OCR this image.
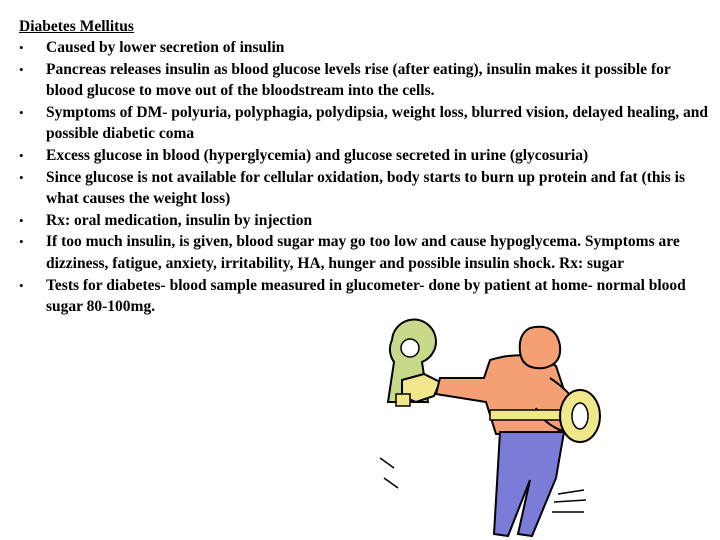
Diabetes Mellitus
•	Caused by lower secretion of insulin
•	Pancreas releases insulin as blood glucose levels rise (after eating), insulin makes it possible for blood glucose to move out of the bloodstream into the cells.
•	Symptoms of DM- polyuria, polyphagia, polydipsia, weight loss, blurred vision, delayed healing, and possible diabetic coma
•	Excess glucose in blood (hyperglycemia) and glucose secreted in urine (glycosuria)
•	Since glucose is not available for cellular oxidation, body starts to burn up protein and fat (this is what causes the weight loss)
•	Rx: oral medication, insulin by injection
•	If too much insulin, is given, blood sugar may go too low and cause hypoglycema. Symptoms are dizziness, fatigue, anxiety, irritability, HA, hunger and possible insulin shock. Rx: sugar
•	Tests for diabetes- blood sample measured in glucometer- done by patient at home- normal blood sugar 80-100mg.
